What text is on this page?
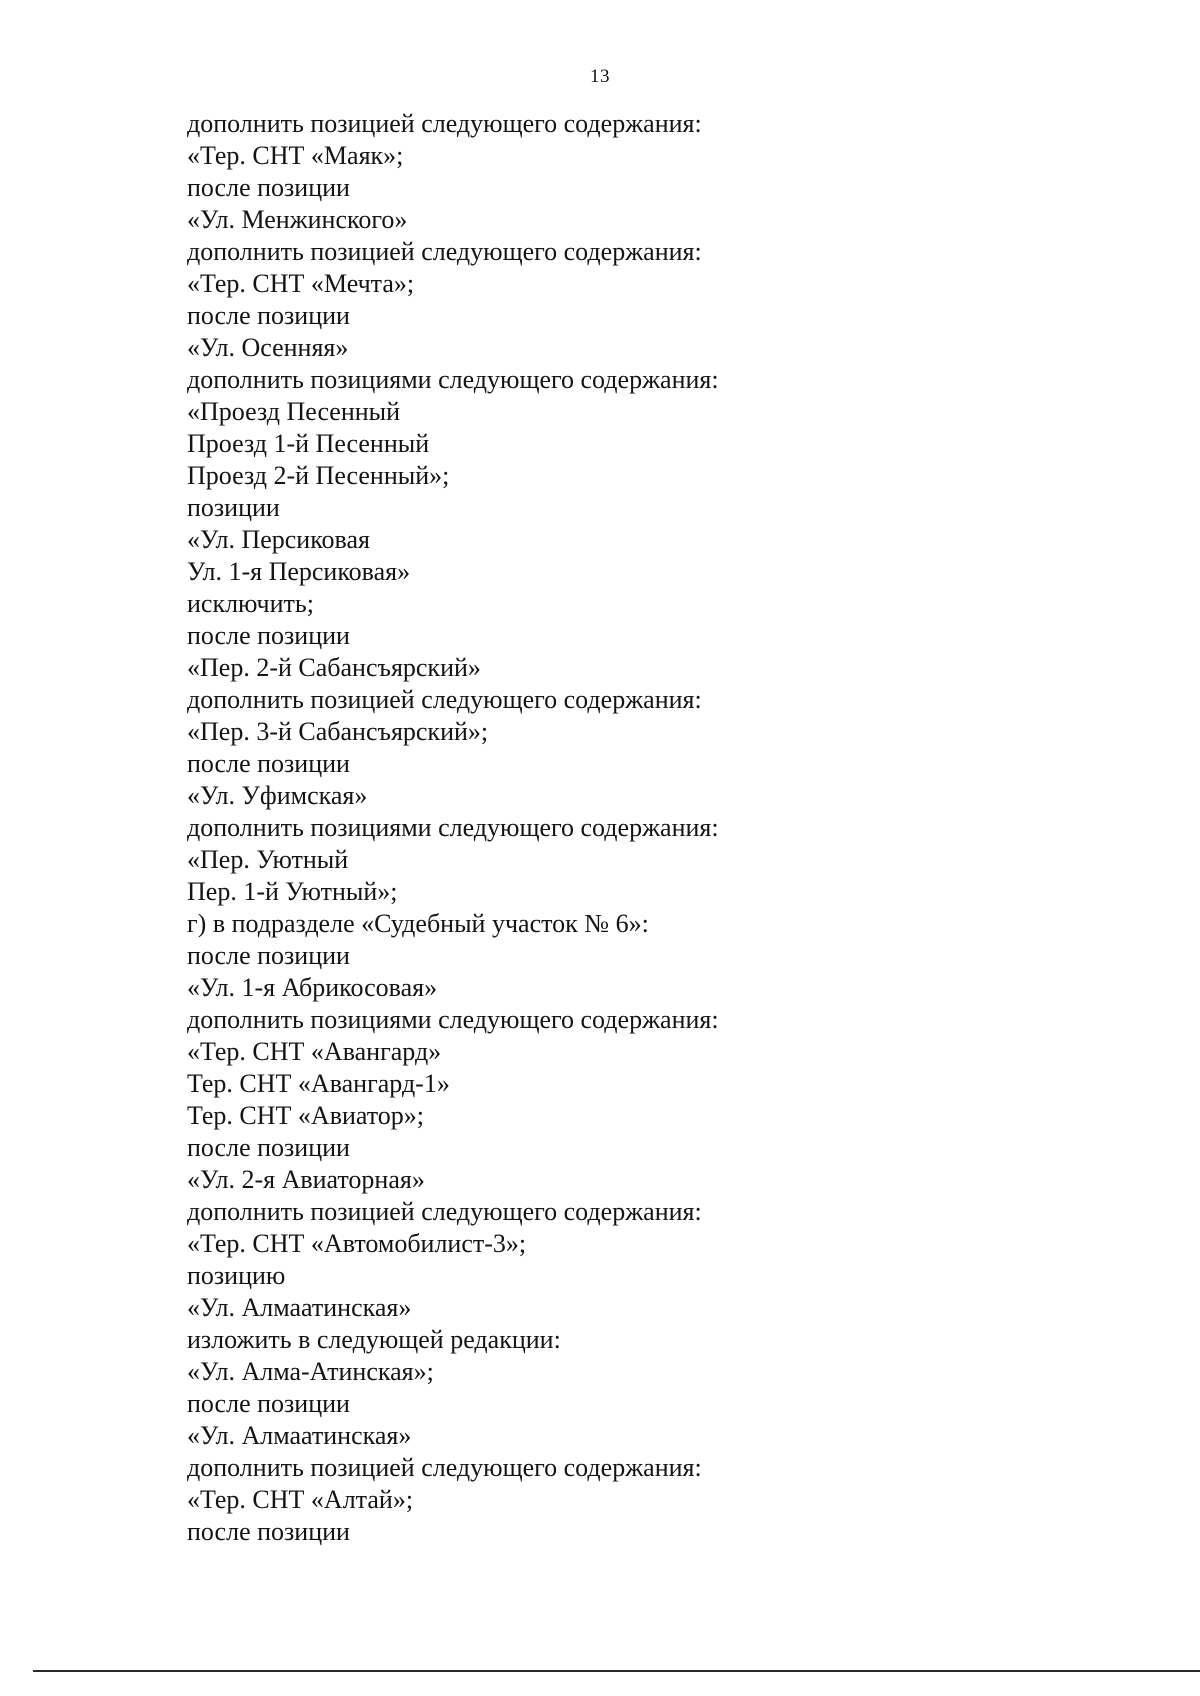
13
дополнить позицией следующего содержания:
«Тер. СНТ «Маяк»;
после позиции
«Ул. Менжинского»
дополнить позицией следующего содержания:
«Тер. СНТ «Мечта»;
после позиции
«Ул. Осенняя»
дополнить позициями следующего содержания:
«Проезд Песенный
Проезд 1-й Песенный
Проезд 2-й Песенный»;
позиции
«Ул. Персиковая
Ул. 1-я Персиковая»
исключить;
после позиции
«Пер. 2-й Сабансъярский»
дополнить позицией следующего содержания:
«Пер. 3-й Сабансъярский»;
после позиции
«Ул. Уфимская»
дополнить позициями следующего содержания:
«Пер. Уютный
Пер. 1-й Уютный»;
г) в подразделе «Судебный участок № 6»:
после позиции
«Ул. 1-я Абрикосовая»
дополнить позициями следующего содержания:
«Тер. СНТ «Авангард»
Тер. СНТ «Авангард-1»
Тер. СНТ «Авиатор»;
после позиции
«Ул. 2-я Авиаторная»
дополнить позицией следующего содержания:
«Тер. СНТ «Автомобилист-3»;
позицию
«Ул. Алмаатинская»
изложить в следующей редакции:
«Ул. Алма-Атинская»;
после позиции
«Ул. Алмаатинская»
дополнить позицией следующего содержания:
«Тер. СНТ «Алтай»;
после позиции
